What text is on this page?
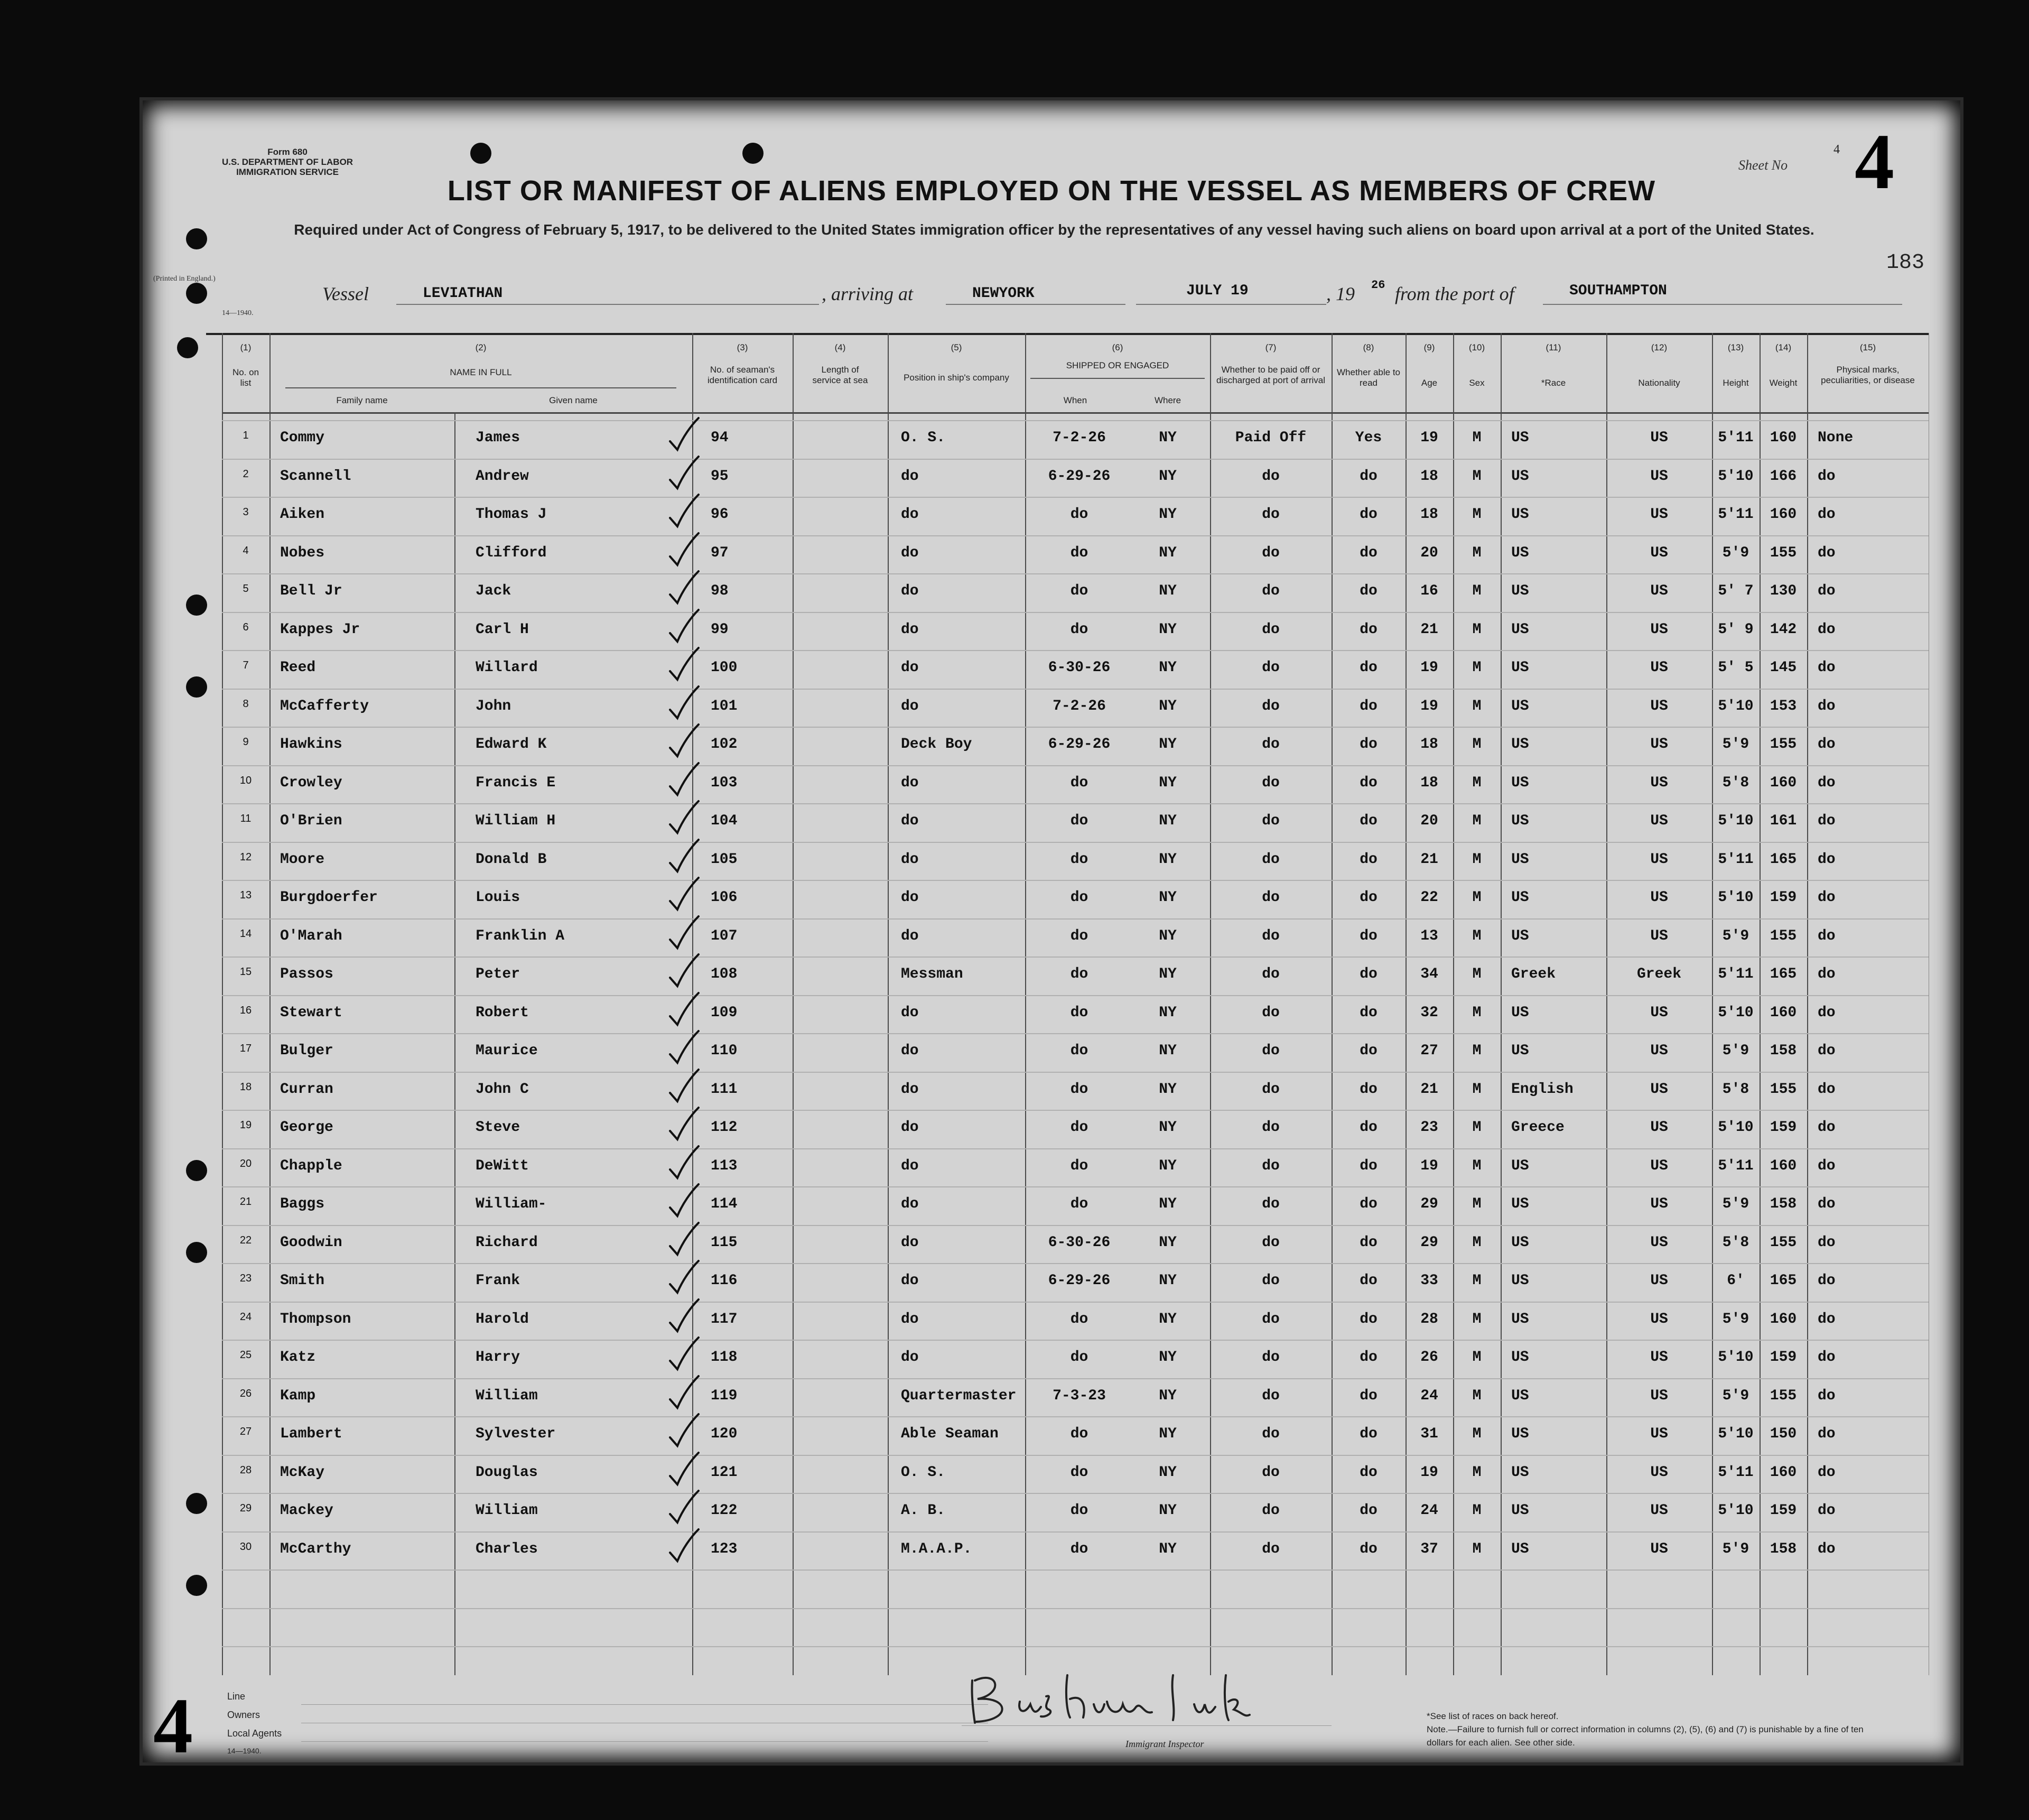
Form 680
U.S. DEPARTMENT OF LABOR
IMMIGRATION SERVICE
(Printed in England.)
14—1940.
LIST OR MANIFEST OF ALIENS EMPLOYED ON THE VESSEL AS MEMBERS OF CREW
Required under Act of Congress of February 5, 1917, to be delivered to the United States immigration officer by the representatives of any vessel having such aliens on board upon arrival at a port of the United States.
Sheet No
4 4
183
Vessel	LEVIATHAN	, arriving at	NEWYORK	JULY 19	, 19 26 from the port of	SOUTHAMPTON
(1)	(2)	(3)	(4)	(5)	(6)	(7)	(8)	(9)	(10)	(11)	(12)	(13)	(14)	(15)
No. on list
NAME IN FULL
Family name	Given name
No. of seaman's identification card
Length of service at sea	Position in ship's company
SHIPPED OR ENGAGED
When	Where
Whether to be paid off or discharged at port of arrival
Whether able to read	Age	Sex	*Race	Nationality	Height	Weight
Physical marks, peculiarities, or disease
1	Commy	James	94	O. S.	7-2-26	NY	Paid Off	Yes	19	M	US	US	5'11	160	None
2	Scannell	Andrew	95	do	6-29-26	NY	do	do	18	M	US	US	5'10	166	do
3	Aiken	Thomas J	96	do	do	NY	do	do	18	M	US	US	5'11	160	do
4	Nobes	Clifford	97	do	do	NY	do	do	20	M	US	US	5'9	155	do
5	Bell Jr	Jack	98	do	do	NY	do	do	16	M	US	US	5' 7	130	do
6	Kappes Jr	Carl H	99	do	do	NY	do	do	21	M	US	US	5' 9	142	do
7	Reed	Willard	100	do	6-30-26	NY	do	do	19	M	US	US	5' 5	145	do
8	McCafferty	John	101	do	7-2-26	NY	do	do	19	M	US	US	5'10	153	do
9	Hawkins	Edward K	102	Deck Boy	6-29-26	NY	do	do	18	M	US	US	5'9	155	do
10	Crowley	Francis E	103	do	do	NY	do	do	18	M	US	US	5'8	160	do
11	O'Brien	William H	104	do	do	NY	do	do	20	M	US	US	5'10	161	do
12	Moore	Donald B	105	do	do	NY	do	do	21	M	US	US	5'11	165	do
13	Burgdoerfer	Louis	106	do	do	NY	do	do	22	M	US	US	5'10	159	do
14	O'Marah	Franklin A	107	do	do	NY	do	do	13	M	US	US	5'9	155	do
15	Passos	Peter	108	Messman	do	NY	do	do	34	M	Greek	Greek	5'11	165	do
16	Stewart	Robert	109	do	do	NY	do	do	32	M	US	US	5'10	160	do
17	Bulger	Maurice	110	do	do	NY	do	do	27	M	US	US	5'9	158	do
18	Curran	John C	111	do	do	NY	do	do	21	M	English	US	5'8	155	do
19	George	Steve	112	do	do	NY	do	do	23	M	Greece	US	5'10	159	do
20	Chapple	DeWitt	113	do	do	NY	do	do	19	M	US	US	5'11	160	do
21	Baggs	William-	114	do	do	NY	do	do	29	M	US	US	5'9	158	do
22	Goodwin	Richard	115	do	6-30-26	NY	do	do	29	M	US	US	5'8	155	do
23	Smith	Frank	116	do	6-29-26	NY	do	do	33	M	US	US	6'	165	do
24	Thompson	Harold	117	do	do	NY	do	do	28	M	US	US	5'9	160	do
25	Katz	Harry	118	do	do	NY	do	do	26	M	US	US	5'10	159	do
26	Kamp	William	119	Quartermaster	7-3-23	NY	do	do	24	M	US	US	5'9	155	do
27	Lambert	Sylvester	120	Able Seaman	do	NY	do	do	31	M	US	US	5'10	150	do
28	McKay	Douglas	121	O. S.	do	NY	do	do	19	M	US	US	5'11	160	do
29	Mackey	William	122	A. B.	do	NY	do	do	24	M	US	US	5'10	159	do
30	McCarthy	Charles	123	M.A.A.P.	do	NY	do	do	37	M	US	US	5'9	158	do
4	Line
Owners
Local Agents
14—1940.
Immigrant Inspector
*See list of races on back hereof.
Note.—Failure to furnish full or correct information in columns (2), (5), (6) and (7) is punishable by a fine of ten dollars for each alien. See other side.
